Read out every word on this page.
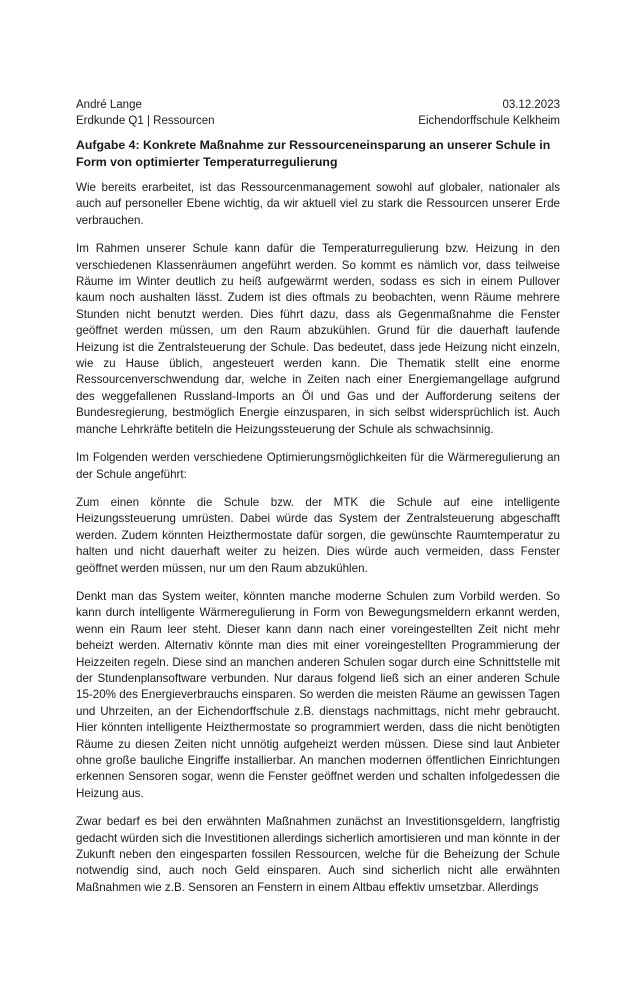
André Lange	03.12.2023
Erdkunde Q1 | Ressourcen	Eichendorffschule Kelkheim
Aufgabe 4: Konkrete Maßnahme zur Ressourceneinsparung an unserer Schule in Form von optimierter Temperaturregulierung

Wie bereits erarbeitet, ist das Ressourcenmanagement sowohl auf globaler, nationaler als auch auf personeller Ebene wichtig, da wir aktuell viel zu stark die Ressourcen unserer Erde verbrauchen.

Im Rahmen unserer Schule kann dafür die Temperaturregulierung bzw. Heizung in den verschiedenen Klassenräumen angeführt werden. So kommt es nämlich vor, dass teilweise Räume im Winter deutlich zu heiß aufgewärmt werden, sodass es sich in einem Pullover kaum noch aushalten lässt. Zudem ist dies oftmals zu beobachten, wenn Räume mehrere Stunden nicht benutzt werden. Dies führt dazu, dass als Gegenmaßnahme die Fenster geöffnet werden müssen, um den Raum abzukühlen. Grund für die dauerhaft laufende Heizung ist die Zentralsteuerung der Schule. Das bedeutet, dass jede Heizung nicht einzeln, wie zu Hause üblich, angesteuert werden kann. Die Thematik stellt eine enorme Ressourcenverschwendung dar, welche in Zeiten nach einer Energiemangellage aufgrund des weggefallenen Russland-Imports an Öl und Gas und der Aufforderung seitens der Bundesregierung, bestmöglich Energie einzusparen, in sich selbst widersprüchlich ist. Auch manche Lehrkräfte betiteln die Heizungssteuerung der Schule als schwachsinnig.

Im Folgenden werden verschiedene Optimierungsmöglichkeiten für die Wärmeregulierung an der Schule angeführt:

Zum einen könnte die Schule bzw. der MTK die Schule auf eine intelligente Heizungssteuerung umrüsten. Dabei würde das System der Zentralsteuerung abgeschafft werden. Zudem könnten Heizthermostate dafür sorgen, die gewünschte Raumtemperatur zu halten und nicht dauerhaft weiter zu heizen. Dies würde auch vermeiden, dass Fenster geöffnet werden müssen, nur um den Raum abzukühlen.

Denkt man das System weiter, könnten manche moderne Schulen zum Vorbild werden. So kann durch intelligente Wärmeregulierung in Form von Bewegungsmeldern erkannt werden, wenn ein Raum leer steht. Dieser kann dann nach einer voreingestellten Zeit nicht mehr beheizt werden. Alternativ könnte man dies mit einer voreingestellten Programmierung der Heizzeiten regeln. Diese sind an manchen anderen Schulen sogar durch eine Schnittstelle mit der Stundenplansoftware verbunden. Nur daraus folgend ließ sich an einer anderen Schule 15-20% des Energieverbrauchs einsparen. So werden die meisten Räume an gewissen Tagen und Uhrzeiten, an der Eichendorffschule z.B. dienstags nachmittags, nicht mehr gebraucht. Hier könnten intelligente Heizthermostate so programmiert werden, dass die nicht benötigten Räume zu diesen Zeiten nicht unnötig aufgeheizt werden müssen. Diese sind laut Anbieter ohne große bauliche Eingriffe installierbar. An manchen modernen öffentlichen Einrichtungen erkennen Sensoren sogar, wenn die Fenster geöffnet werden und schalten infolgedessen die Heizung aus.

Zwar bedarf es bei den erwähnten Maßnahmen zunächst an Investitionsgeldern, langfristig gedacht würden sich die Investitionen allerdings sicherlich amortisieren und man könnte in der Zukunft neben den eingesparten fossilen Ressourcen, welche für die Beheizung der Schule notwendig sind, auch noch Geld einsparen. Auch sind sicherlich nicht alle erwähnten Maßnahmen wie z.B. Sensoren an Fenstern in einem Altbau effektiv umsetzbar. Allerdings
